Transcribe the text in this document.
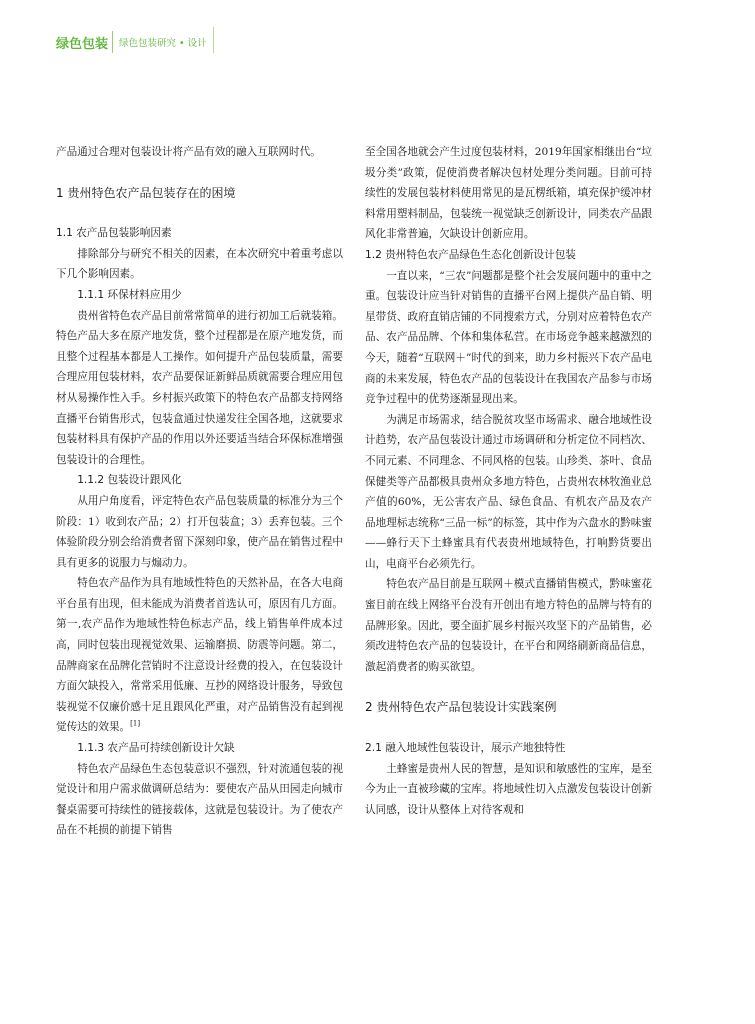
绿色包装 绿色包装研究 • 设计

产品通过合理对包装设计将产品有效的融入互联网时代。

1 贵州特色农产品包装存在的困境

1.1 农产品包装影响因素

排除部分与研究不相关的因素，在本次研究中着重考虑以下几个影响因素。

1.1.1 环保材料应用少

贵州省特色农产品目前常常简单的进行初加工后就装箱。特色产品大多在原产地发货，整个过程都是在原产地发货，而且整个过程基本都是人工操作。如何提升产品包装质量，需要合理应用包装材料，农产品要保证新鲜品质就需要合理应用包材从易操作性入手。乡村振兴政策下的特色农产品都支持网络直播平台销售形式，包装盒通过快递发往全国各地，这就要求包装材料具有保护产品的作用以外还要适当结合环保标准增强包装设计的合理性。

1.1.2 包装设计跟风化

从用户角度看，评定特色农产品包装质量的标准分为三个阶段：1）收到农产品；2）打开包装盒；3）丢弃包装。三个体验阶段分别会给消费者留下深刻印象，使产品在销售过程中具有更多的说服力与煽动力。

特色农产品作为具有地域性特色的天然补品，在各大电商平台虽有出现，但未能成为消费者首选认可，原因有几方面。第一,农产品作为地域性特色标志产品，线上销售单件成本过高，同时包装出现视觉效果、运输磨损、防震等问题。第二，品牌商家在品牌化营销时不注意设计经费的投入，在包装设计方面欠缺投入，常常采用低廉、互抄的网络设计服务，导致包装视觉不仅廉价感十足且跟风化严重，对产品销售没有起到视觉传达的效果。[1]

1.1.3 农产品可持续创新设计欠缺

特色农产品绿色生态包装意识不强烈，针对流通包装的视觉设计和用户需求做调研总结为：要使农产品从田园走向城市餐桌需要可持续性的链接载体，这就是包装设计。为了使农产品在不耗损的前提下销售

至全国各地就会产生过度包装材料，2019年国家相继出台“垃圾分类”政策，促使消费者解决包材处理分类问题。目前可持续性的发展包装材料使用常见的是瓦楞纸箱，填充保护缓冲材料常用塑料制品，包装统一视觉缺乏创新设计，同类农产品跟风化非常普遍，欠缺设计创新应用。

1.2 贵州特色农产品绿色生态化创新设计包装

一直以来，“三农”问题都是整个社会发展问题中的重中之重。包装设计应当针对销售的直播平台网上提供产品自销、明星带货、政府直销店铺的不同搜索方式，分别对应着特色农产品、农产品品牌、个体和集体私营。在市场竞争越来越激烈的今天，随着“互联网＋”时代的到来，助力乡村振兴下农产品电商的未来发展，特色农产品的包装设计在我国农产品参与市场竞争过程中的优势逐渐显现出来。

为满足市场需求，结合脱贫攻坚市场需求、融合地域性设计趋势，农产品包装设计通过市场调研和分析定位不同档次、不同元素、不同理念、不同风格的包装。山珍类、茶叶、食品保健类等产品都极具贵州众多地方特色，占贵州农林牧渔业总产值的60%，无公害农产品、绿色食品、有机农产品及农产品地理标志统称“三品一标”的标签，其中作为六盘水的黔味蜜——蜂行天下土蜂蜜具有代表贵州地域特色，打响黔货要出山，电商平台必须先行。

特色农产品目前是互联网＋模式直播销售模式，黔味蜜花蜜目前在线上网络平台没有开创出有地方特色的品牌与特有的品牌形象。因此，要全面扩展乡村振兴攻坚下的产品销售，必须改进特色农产品的包装设计，在平台和网络刷新商品信息，激起消费者的购买欲望。

2 贵州特色农产品包装设计实践案例

2.1 融入地域性包装设计，展示产地独特性

土蜂蜜是贵州人民的智慧，是知识和敏感性的宝库，是至今为止一直被珍藏的宝库。将地域性切入点激发包装设计创新认同感，设计从整体上对待客观和
